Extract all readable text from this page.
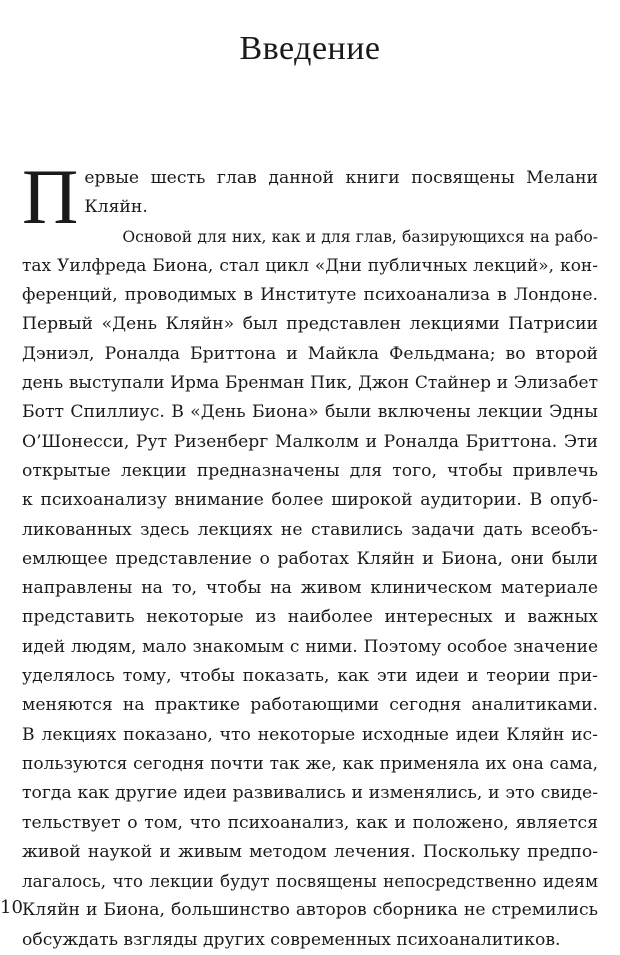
Введение
П ервые шесть глав данной книги посвящены Мелани
Кляйн.
Основой для них, как и для глав, базирующихся на рабо-
тах Уилфреда Биона, стал цикл «Дни публичных лекций», кон-
ференций, проводимых в Институте психоанализа в Лондоне.
Первый «День Кляйн» был представлен лекциями Патрисии
Дэниэл, Роналда Бриттона и Майкла Фельдмана; во второй
день выступали Ирма Бренман Пик, Джон Стайнер и Элизабет
Ботт Спиллиус. В «День Биона» были включены лекции Эдны
О’Шонесси, Рут Ризенберг Малколм и Роналда Бриттона. Эти
открытые лекции предназначены для того, чтобы привлечь
к психоанализу внимание более широкой аудитории. В опуб-
ликованных здесь лекциях не ставились задачи дать всеобъ-
емлющее представление о работах Кляйн и Биона, они были
направлены на то, чтобы на живом клиническом материале
представить некоторые из наиболее интересных и важных
идей людям, мало знакомым с ними. Поэтому особое значение
уделялось тому, чтобы показать, как эти идеи и теории при-
меняются на практике работающими сегодня аналитиками.
В лекциях показано, что некоторые исходные идеи Кляйн ис-
пользуются сегодня почти так же, как применяла их она сама,
тогда как другие идеи развивались и изменялись, и это свиде-
тельствует о том, что психоанализ, как и положено, является
живой наукой и живым методом лечения. Поскольку предпо-
лагалось, что лекции будут посвящены непосредственно идеям
Кляйн и Биона, большинство авторов сборника не стремились
обсуждать взгляды других современных психоаналитиков.
10
